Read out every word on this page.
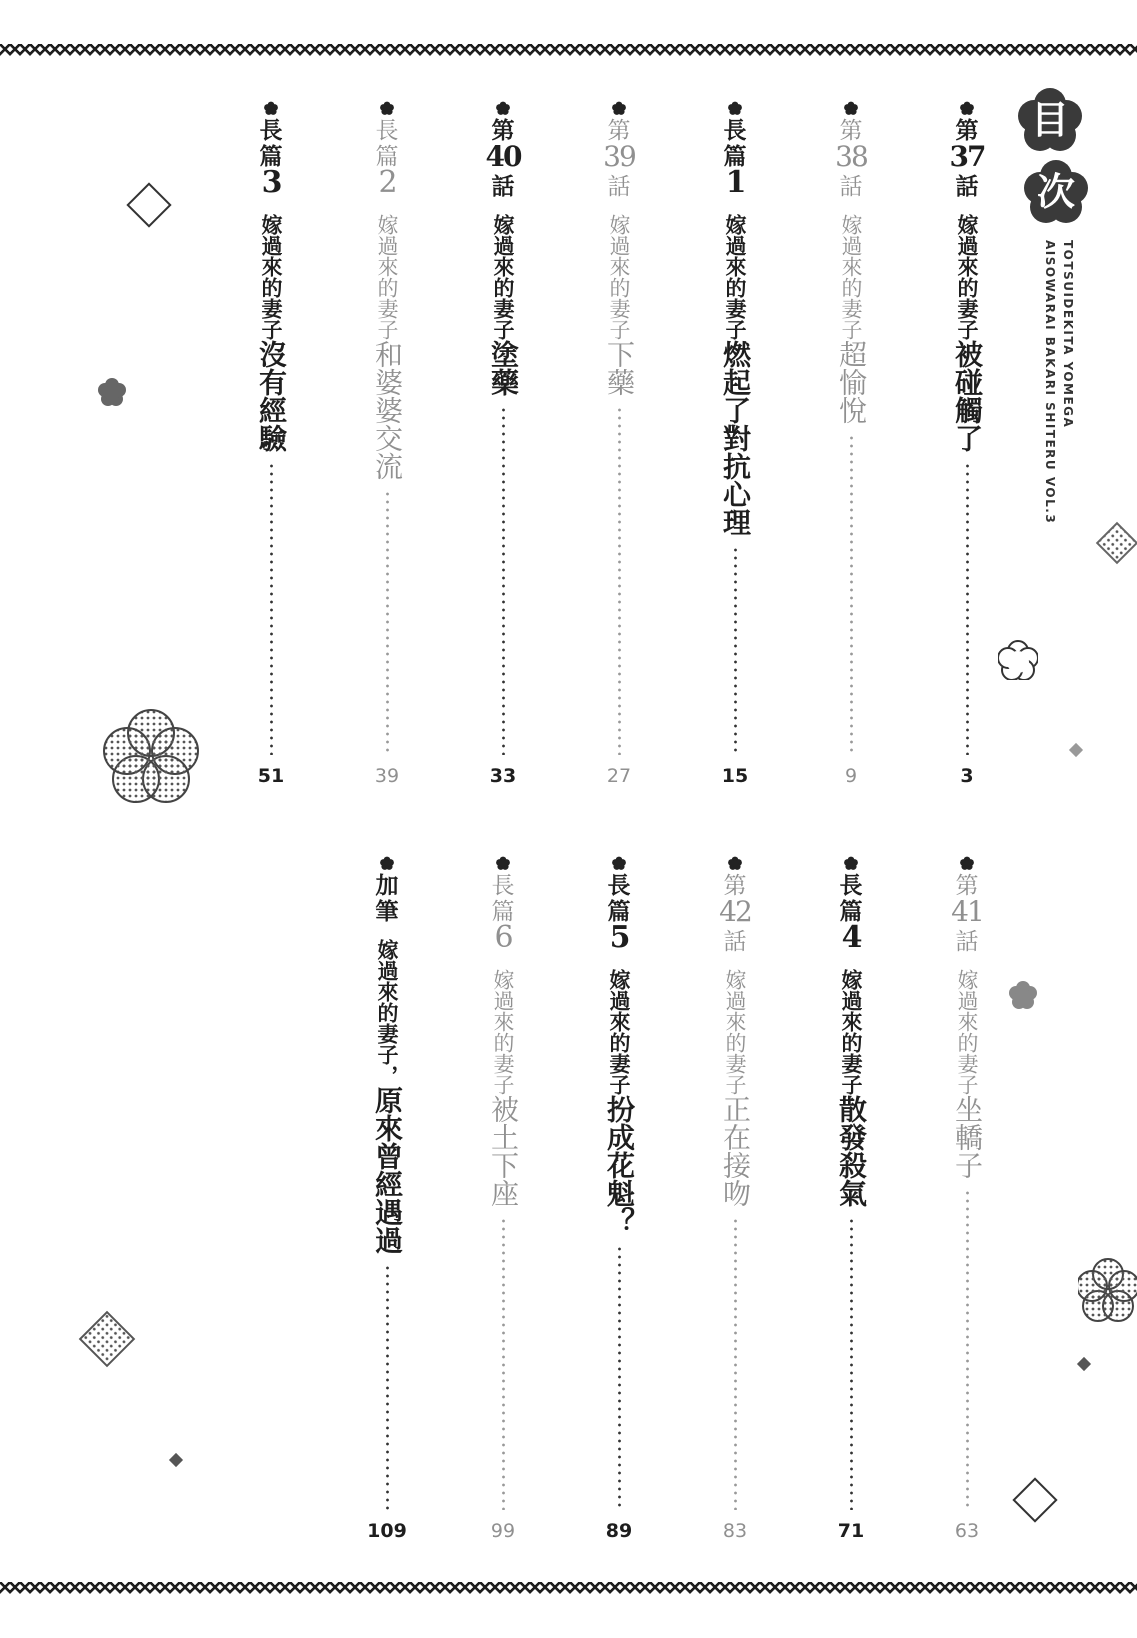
目
次
TOTSUIDEKITA YOMEGA
AISOWARAI BAKARI SHITERU VOL.3
第
37
話
嫁過來的妻子被碰觸了
3
第
38
話
嫁過來的妻子超愉悅
9
長
篇
1
嫁過來的妻子燃起了對抗心理
15
第
39
話
嫁過來的妻子下藥
27
第
40
話
嫁過來的妻子塗藥
33
長
篇
2
嫁過來的妻子和婆婆交流
39
長
篇
3
嫁過來的妻子沒有經驗
51
第
41
話
嫁過來的妻子坐轎子
63
長
篇
4
嫁過來的妻子散發殺氣
71
第
42
話
嫁過來的妻子正在接吻
83
長
篇
5
嫁過來的妻子扮成花魁？
89
長
篇
6
嫁過來的妻子被土下座
99
加
筆
嫁過來的妻子，原來曾經遇過
109
